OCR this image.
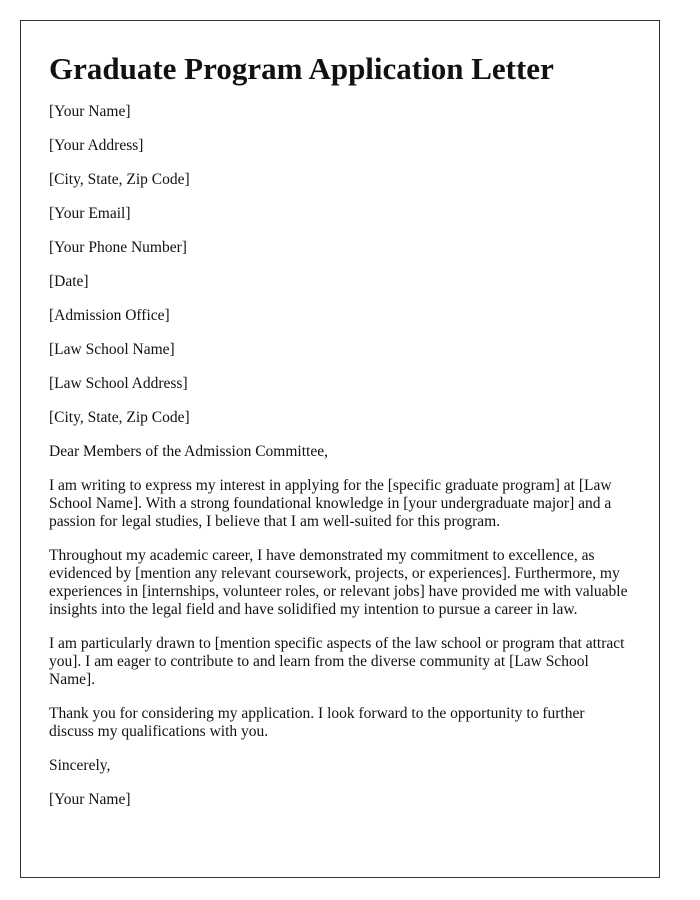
Graduate Program Application Letter
[Your Name]
[Your Address]
[City, State, Zip Code]
[Your Email]
[Your Phone Number]
[Date]
[Admission Office]
[Law School Name]
[Law School Address]
[City, State, Zip Code]
Dear Members of the Admission Committee,

I am writing to express my interest in applying for the [specific graduate program] at [Law School Name]. With a strong foundational knowledge in [your undergraduate major] and a passion for legal studies, I believe that I am well-suited for this program.

Throughout my academic career, I have demonstrated my commitment to excellence, as evidenced by [mention any relevant coursework, projects, or experiences]. Furthermore, my experiences in [internships, volunteer roles, or relevant jobs] have provided me with valuable insights into the legal field and have solidified my intention to pursue a career in law.

I am particularly drawn to [mention specific aspects of the law school or program that attract you]. I am eager to contribute to and learn from the diverse community at [Law School Name].

Thank you for considering my application. I look forward to the opportunity to further discuss my qualifications with you.

Sincerely,
[Your Name]
